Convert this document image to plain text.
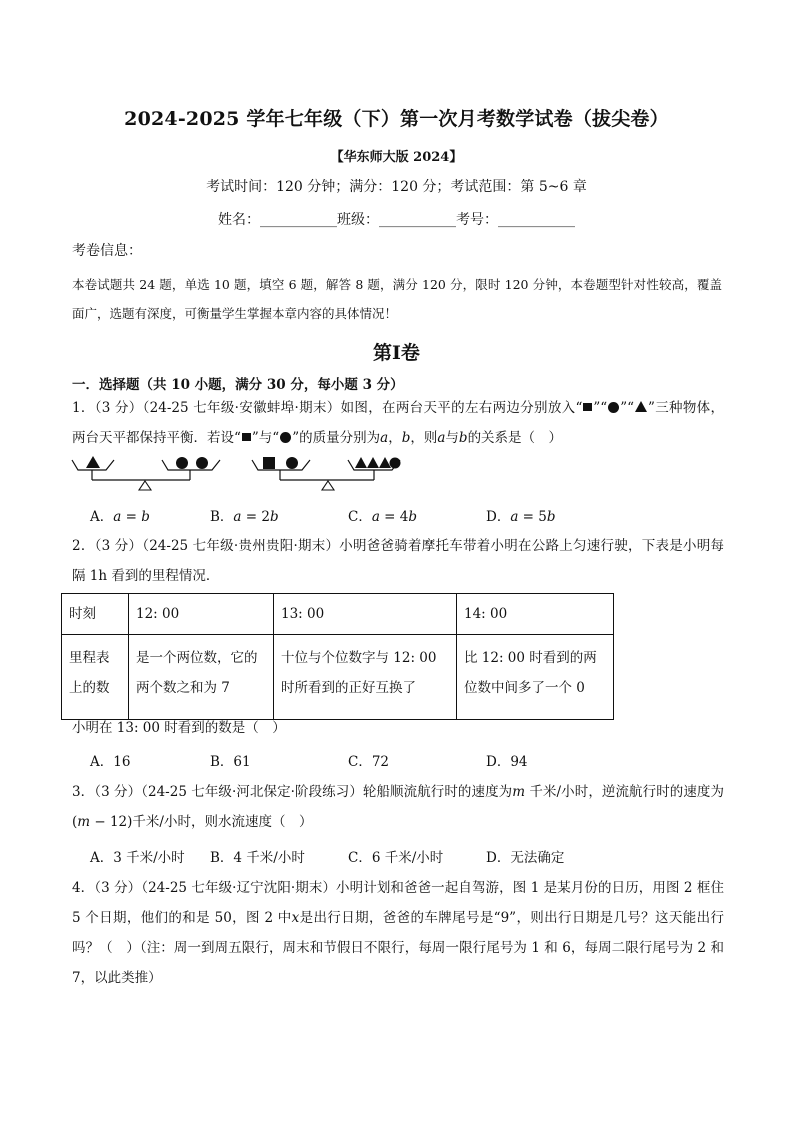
2024-2025 学年七年级（下）第一次月考数学试卷（拔尖卷）
【华东师大版 2024】
考试时间：120 分钟；满分：120 分；考试范围：第 5~6 章
姓名：___________班级：___________考号：___________
考卷信息：
本卷试题共 24 题，单选 10 题，填空 6 题，解答 8 题，满分 120 分，限时 120 分钟，本卷题型针对性较高，覆盖面广，选题有深度，可衡量学生掌握本章内容的具体情况！
第Ⅰ卷
一．选择题（共 10 小题，满分 30 分，每小题 3 分）
1．（3 分）（24-25 七年级·安徽蚌埠·期末）如图，在两台天平的左右两边分别放入“ ”“ ”“ ”三种物体，两台天平都保持平衡．若设“ ”与“ ”的质量分别为a，b，则a与b的关系是（　）
A．𝑎 = 𝑏	B．𝑎 = 2𝑏	C．𝑎 = 4𝑏	D．𝑎 = 5𝑏
2．（3 分）（24-25 七年级·贵州贵阳·期末）小明爸爸骑着摩托车带着小明在公路上匀速行驶，下表是小明每隔 1h 看到的里程情况．
时刻	12: 00	13: 00	14: 00
里程表上的数	是一个两位数，它的两个数之和为 7	十位与个位数字与 12: 00 时所看到的正好互换了	比 12: 00 时看到的两位数中间多了一个 0
小明在 13: 00 时看到的数是（　）
A．16	B．61	C．72	D．94
3．（3 分）（24-25 七年级·河北保定·阶段练习）轮船顺流航行时的速度为m 千米/小时，逆流航行时的速度为(𝑚 − 12)千米/小时，则水流速度（　）
A．3 千米/小时 B．4 千米/小时	C．6 千米/小时	D．无法确定
4．（3 分）（24-25 七年级·辽宁沈阳·期末）小明计划和爸爸一起自驾游，图 1 是某月份的日历，用图 2 框住 5 个日期，他们的和是 50，图 2 中x是出行日期，爸爸的车牌尾号是“9”，则出行日期是几号？这天能出行吗？（　）（注：周一到周五限行，周末和节假日不限行，每周一限行尾号为 1 和 6，每周二限行尾号为 2 和 7，以此类推）
